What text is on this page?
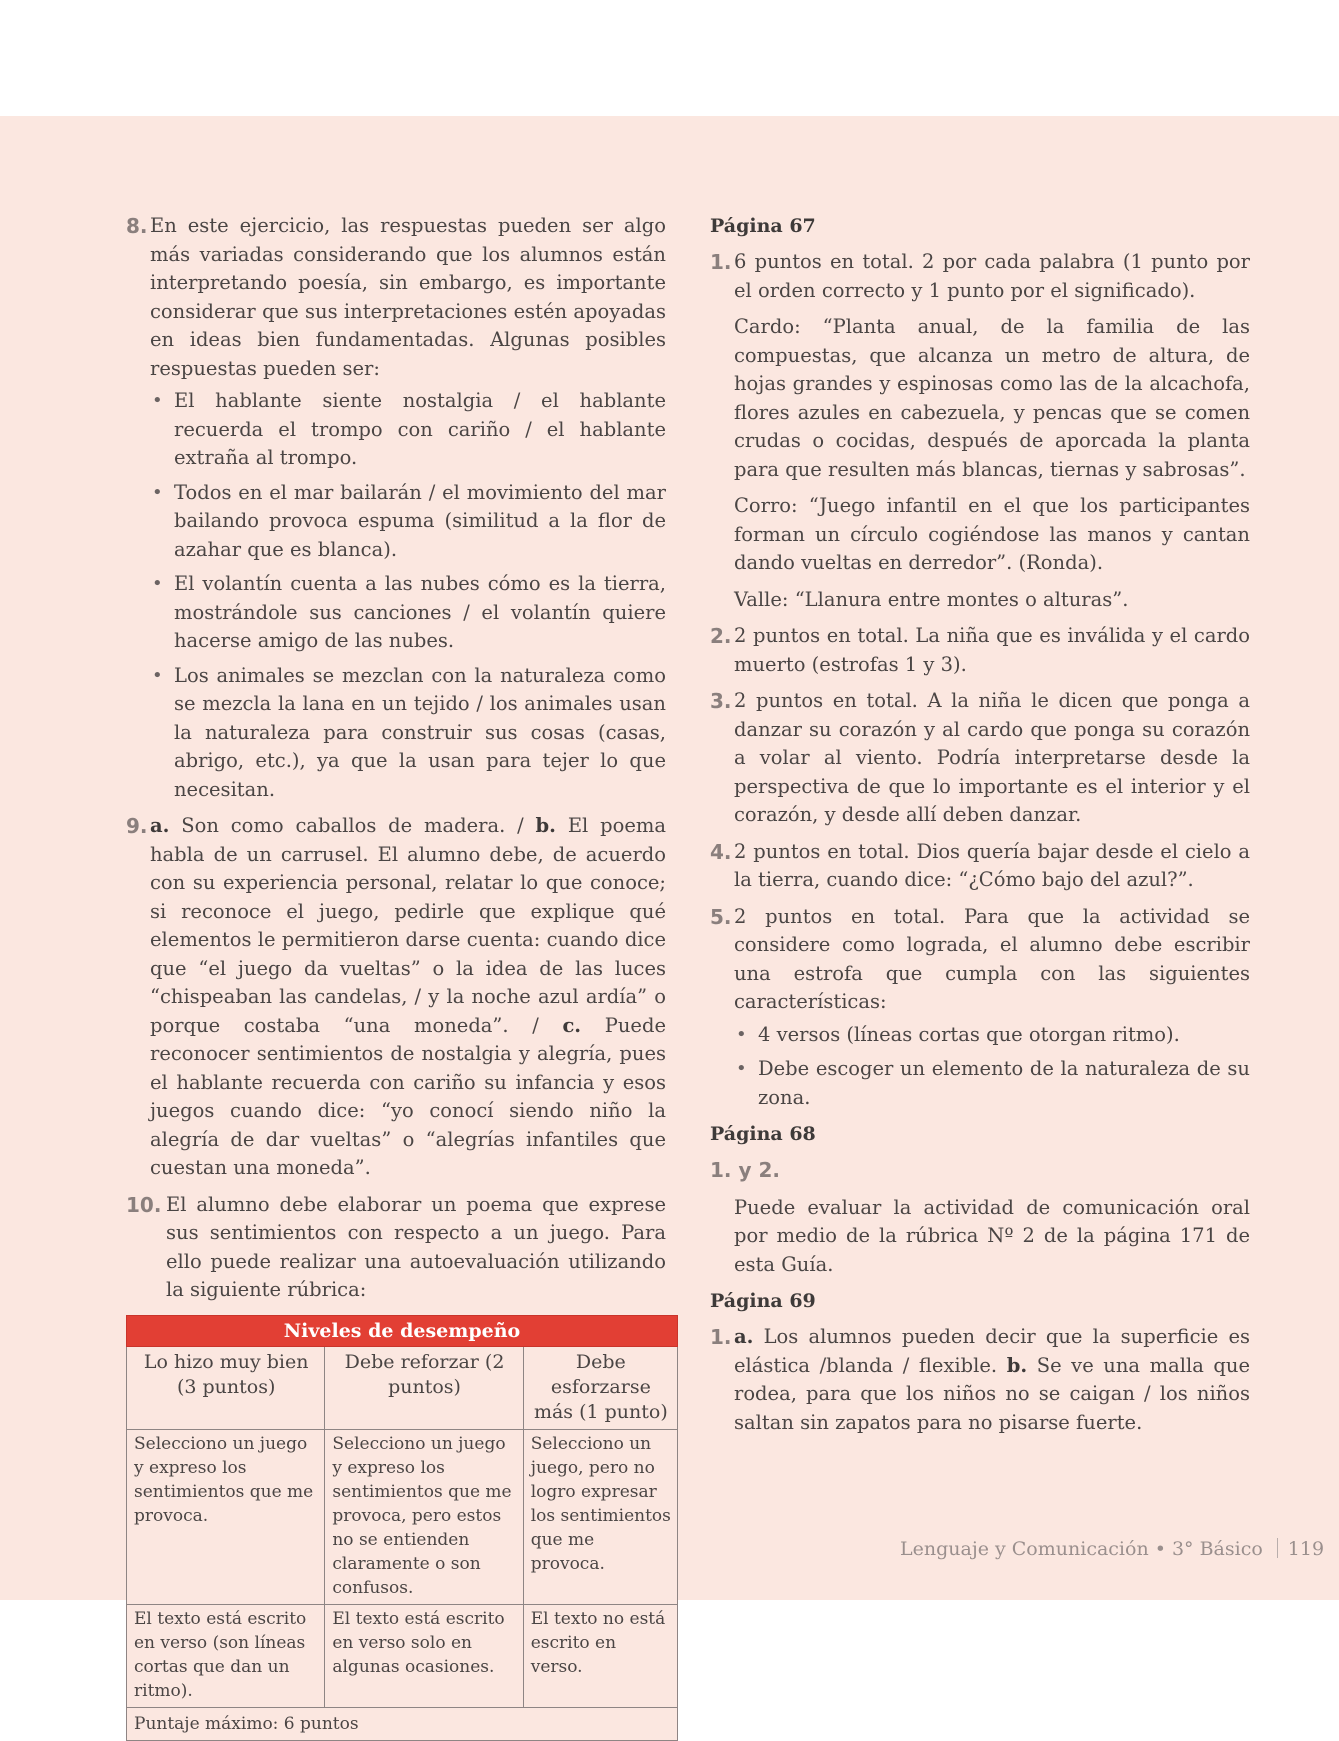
8. En este ejercicio, las respuestas pueden ser algo más variadas considerando que los alumnos están interpretando poesía, sin embargo, es importante considerar que sus interpretaciones estén apoyadas en ideas bien fundamentadas. Algunas posibles respuestas pueden ser:

• El hablante siente nostalgia / el hablante recuerda el trompo con cariño / el hablante extraña al trompo.
• Todos en el mar bailarán / el movimiento del mar bailando provoca espuma (similitud a la flor de azahar que es blanca).
• El volantín cuenta a las nubes cómo es la tierra, mostrándole sus canciones / el volantín quiere hacerse amigo de las nubes.
• Los animales se mezclan con la naturaleza como se mezcla la lana en un tejido / los animales usan la naturaleza para construir sus cosas (casas, abrigo, etc.), ya que la usan para tejer lo que necesitan.
9. a. Son como caballos de madera. / b. El poema habla de un carrusel. El alumno debe, de acuerdo con su experiencia personal, relatar lo que conoce; si reconoce el juego, pedirle que explique qué elementos le permitieron darse cuenta: cuando dice que “el juego da vueltas” o la idea de las luces “chispeaban las candelas, / y la noche azul ardía” o porque costaba “una moneda”. / c. Puede reconocer sentimientos de nostalgia y alegría, pues el hablante recuerda con cariño su infancia y esos juegos cuando dice: “yo conocí siendo niño la alegría de dar vueltas” o “alegrías infantiles que cuestan una moneda”.

10. El alumno debe elaborar un poema que exprese sus sentimientos con respecto a un juego. Para ello puede realizar una autoevaluación utilizando la siguiente rúbrica:

Niveles de desempeño		
Lo hizo muy bien (3 puntos)	Debe reforzar (2 puntos)	Debe esforzarse más (1 punto)
Selecciono un juego y expreso los sentimientos que me provoca.	Selecciono un juego y expreso los sentimientos que me provoca, pero estos no se entienden claramente o son confusos.	Selecciono un juego, pero no logro expresar los sentimientos que me provoca.
El texto está escrito en verso (son líneas cortas que dan un ritmo).	El texto está escrito en verso solo en algunas ocasiones.	El texto no está escrito en verso.
Puntaje máximo: 6 puntos		
Página 67
1. 6 puntos en total. 2 por cada palabra (1 punto por el orden correcto y 1 punto por el significado).

Cardo: “Planta anual, de la familia de las compuestas, que alcanza un metro de altura, de hojas grandes y espinosas como las de la alcachofa, flores azules en cabezuela, y pencas que se comen crudas o cocidas, después de aporcada la planta para que resulten más blancas, tiernas y sabrosas”.

Corro: “Juego infantil en el que los participantes forman un círculo cogiéndose las manos y cantan dando vueltas en derredor”. (Ronda).

Valle: “Llanura entre montes o alturas”.

2. 2 puntos en total. La niña que es inválida y el cardo muerto (estrofas 1 y 3).

3. 2 puntos en total. A la niña le dicen que ponga a danzar su corazón y al cardo que ponga su corazón a volar al viento. Podría interpretarse desde la perspectiva de que lo importante es el interior y el corazón, y desde allí deben danzar.

4. 2 puntos en total. Dios quería bajar desde el cielo a la tierra, cuando dice: “¿Cómo bajo del azul?”.

5. 2 puntos en total. Para que la actividad se considere como lograda, el alumno debe escribir una estrofa que cumpla con las siguientes características:

• 4 versos (líneas cortas que otorgan ritmo).
• Debe escoger un elemento de la naturaleza de su zona.
Página 68

1. y 2.

Puede evaluar la actividad de comunicación oral por medio de la rúbrica Nº 2 de la página 171 de esta Guía.

Página 69
1. a. Los alumnos pueden decir que la superficie es elástica /blanda / flexible. b. Se ve una malla que rodea, para que los niños no se caigan / los niños saltan sin zapatos para no pisarse fuerte.

Lenguaje y Comunicación • 3° Básico 119
